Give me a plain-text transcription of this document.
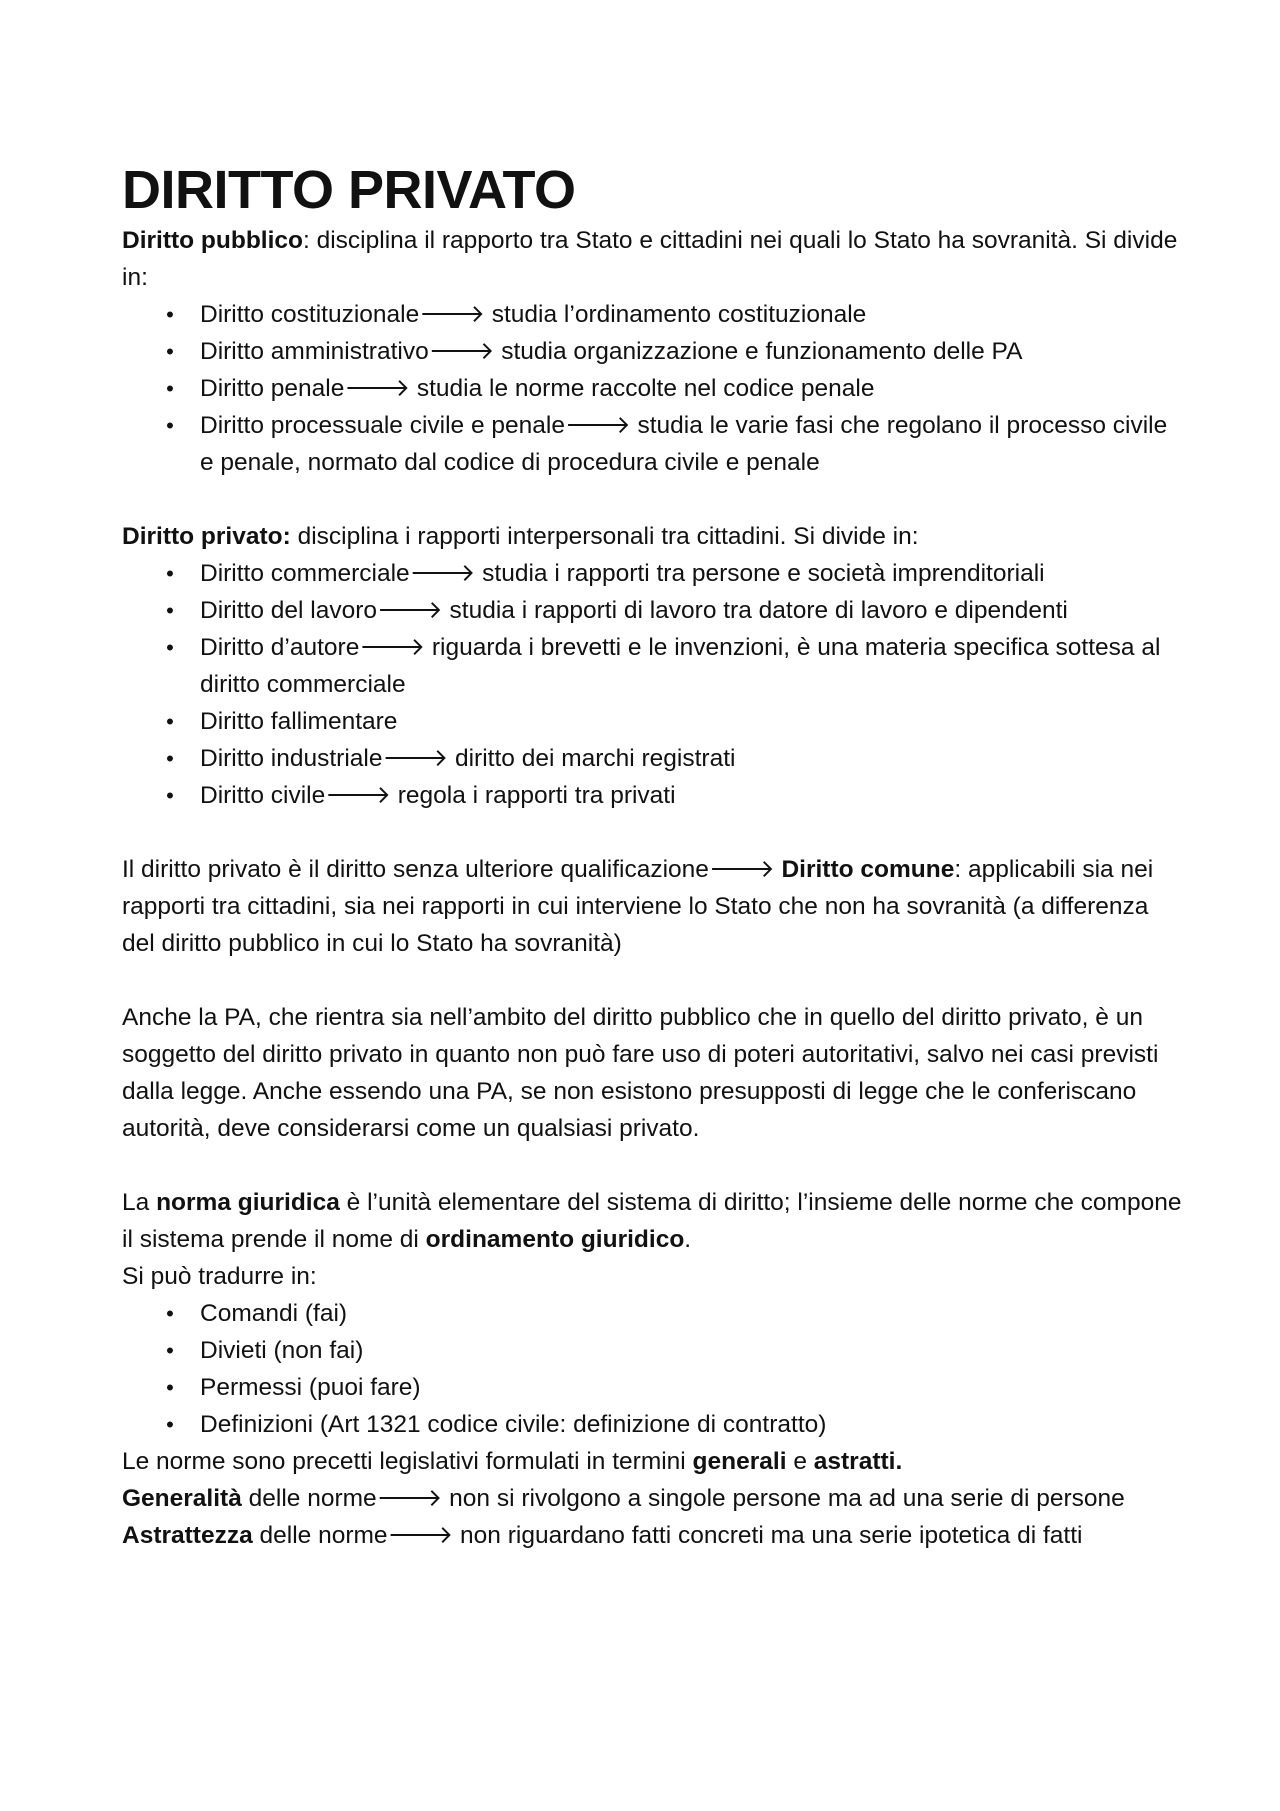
DIRITTO PRIVATO

Diritto pubblico: disciplina il rapporto tra Stato e cittadini nei quali lo Stato ha sovranità. Si divide in:

• Diritto costituzionale🡒 studia l’ordinamento costituzionale
• Diritto amministrativo🡒 studia organizzazione e funzionamento delle PA
• Diritto penale🡒 studia le norme raccolte nel codice penale
• Diritto processuale civile e penale🡒 studia le varie fasi che regolano il processo civile e penale, normato dal codice di procedura civile e penale

Diritto privato: disciplina i rapporti interpersonali tra cittadini. Si divide in:

• Diritto commerciale🡒 studia i rapporti tra persone e società imprenditoriali
• Diritto del lavoro🡒 studia i rapporti di lavoro tra datore di lavoro e dipendenti
• Diritto d’autore🡒 riguarda i brevetti e le invenzioni, è una materia specifica sottesa al diritto commerciale
• Diritto fallimentare
• Diritto industriale🡒 diritto dei marchi registrati
• Diritto civile🡒 regola i rapporti tra privati

Il diritto privato è il diritto senza ulteriore qualificazione🡒 Diritto comune: applicabili sia nei rapporti tra cittadini, sia nei rapporti in cui interviene lo Stato che non ha sovranità (a differenza del diritto pubblico in cui lo Stato ha sovranità)

Anche la PA, che rientra sia nell’ambito del diritto pubblico che in quello del diritto privato, è un soggetto del diritto privato in quanto non può fare uso di poteri autoritativi, salvo nei casi previsti dalla legge. Anche essendo una PA, se non esistono presupposti di legge che le conferiscano autorità, deve considerarsi come un qualsiasi privato.

La norma giuridica è l’unità elementare del sistema di diritto; l’insieme delle norme che compone il sistema prende il nome di ordinamento giuridico.

Si può tradurre in:

• Comandi (fai)
• Divieti (non fai)
• Permessi (puoi fare)
• Definizioni (Art 1321 codice civile: definizione di contratto)

Le norme sono precetti legislativi formulati in termini generali e astratti.

Generalità delle norme🡒 non si rivolgono a singole persone ma ad una serie di persone

Astrattezza delle norme🡒 non riguardano fatti concreti ma una serie ipotetica di fatti
